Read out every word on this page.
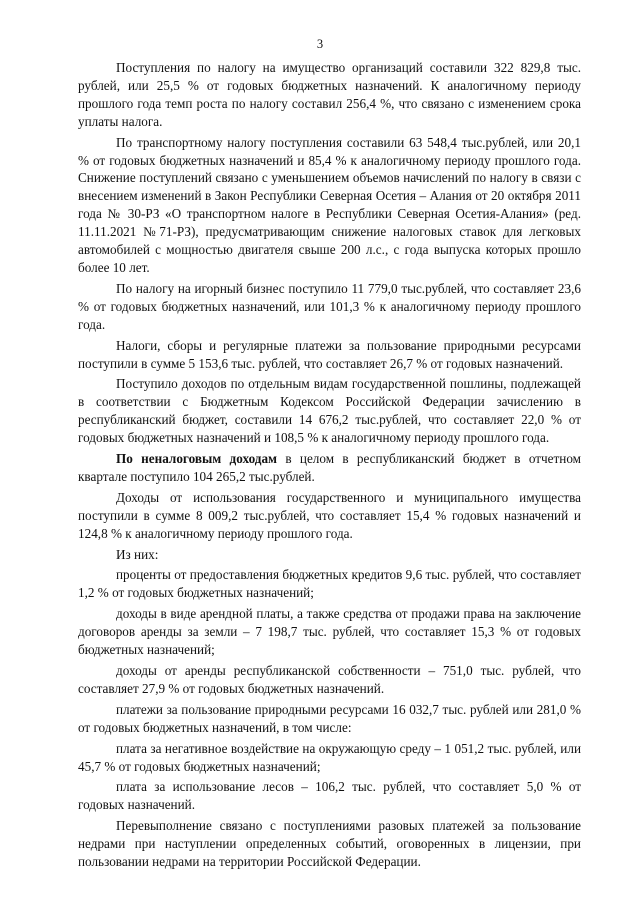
3

Поступления по налогу на имущество организаций составили 322 829,8 тыс. рублей, или 25,5 % от годовых бюджетных назначений. К аналогичному периоду прошлого года темп роста по налогу составил 256,4 %, что связано с изменением срока уплаты налога.

По транспортному налогу поступления составили 63 548,4 тыс.рублей, или 20,1 % от годовых бюджетных назначений и 85,4 % к аналогичному периоду прошлого года. Снижение поступлений связано с уменьшением объемов начислений по налогу в связи с внесением изменений в Закон Республики Северная Осетия – Алания от 20 октября 2011 года № 30-РЗ «О транспортном налоге в Республики Северная Осетия-Алания» (ред. 11.11.2021 №71-РЗ), предусматривающим снижение налоговых ставок для легковых автомобилей с мощностью двигателя свыше 200 л.с., с года выпуска которых прошло более 10 лет.

По налогу на игорный бизнес поступило 11 779,0 тыс.рублей, что составляет 23,6 % от годовых бюджетных назначений, или 101,3 % к аналогичному периоду прошлого года.

Налоги, сборы и регулярные платежи за пользование природными ресурсами поступили в сумме 5 153,6 тыс. рублей, что составляет 26,7 % от годовых назначений.

Поступило доходов по отдельным видам государственной пошлины, подлежащей в соответствии с Бюджетным Кодексом Российской Федерации зачислению в республиканский бюджет, составили 14 676,2 тыс.рублей, что составляет 22,0 % от годовых бюджетных назначений и 108,5 % к аналогичному периоду прошлого года.

По неналоговым доходам в целом в республиканский бюджет в отчетном квартале поступило 104 265,2 тыс.рублей.

Доходы от использования государственного и муниципального имущества поступили в сумме 8 009,2 тыс.рублей, что составляет 15,4 % годовых назначений и 124,8 % к аналогичному периоду прошлого года.

Из них:

проценты от предоставления бюджетных кредитов 9,6 тыс. рублей, что составляет 1,2 % от годовых бюджетных назначений;

доходы в виде арендной платы, а также средства от продажи права на заключение договоров аренды за земли – 7 198,7 тыс. рублей, что составляет 15,3 % от годовых бюджетных назначений;

доходы от аренды республиканской собственности – 751,0 тыс. рублей, что составляет 27,9 % от годовых бюджетных назначений.

платежи за пользование природными ресурсами 16 032,7 тыс. рублей или 281,0 % от годовых бюджетных назначений, в том числе:

плата за негативное воздействие на окружающую среду – 1 051,2 тыс. рублей, или 45,7 % от годовых бюджетных назначений;

плата за использование лесов – 106,2 тыс. рублей, что составляет 5,0 % от годовых назначений.

Перевыполнение связано с поступлениями разовых платежей за пользование недрами при наступлении определенных событий, оговоренных в лицензии, при пользовании недрами на территории Российской Федерации.
